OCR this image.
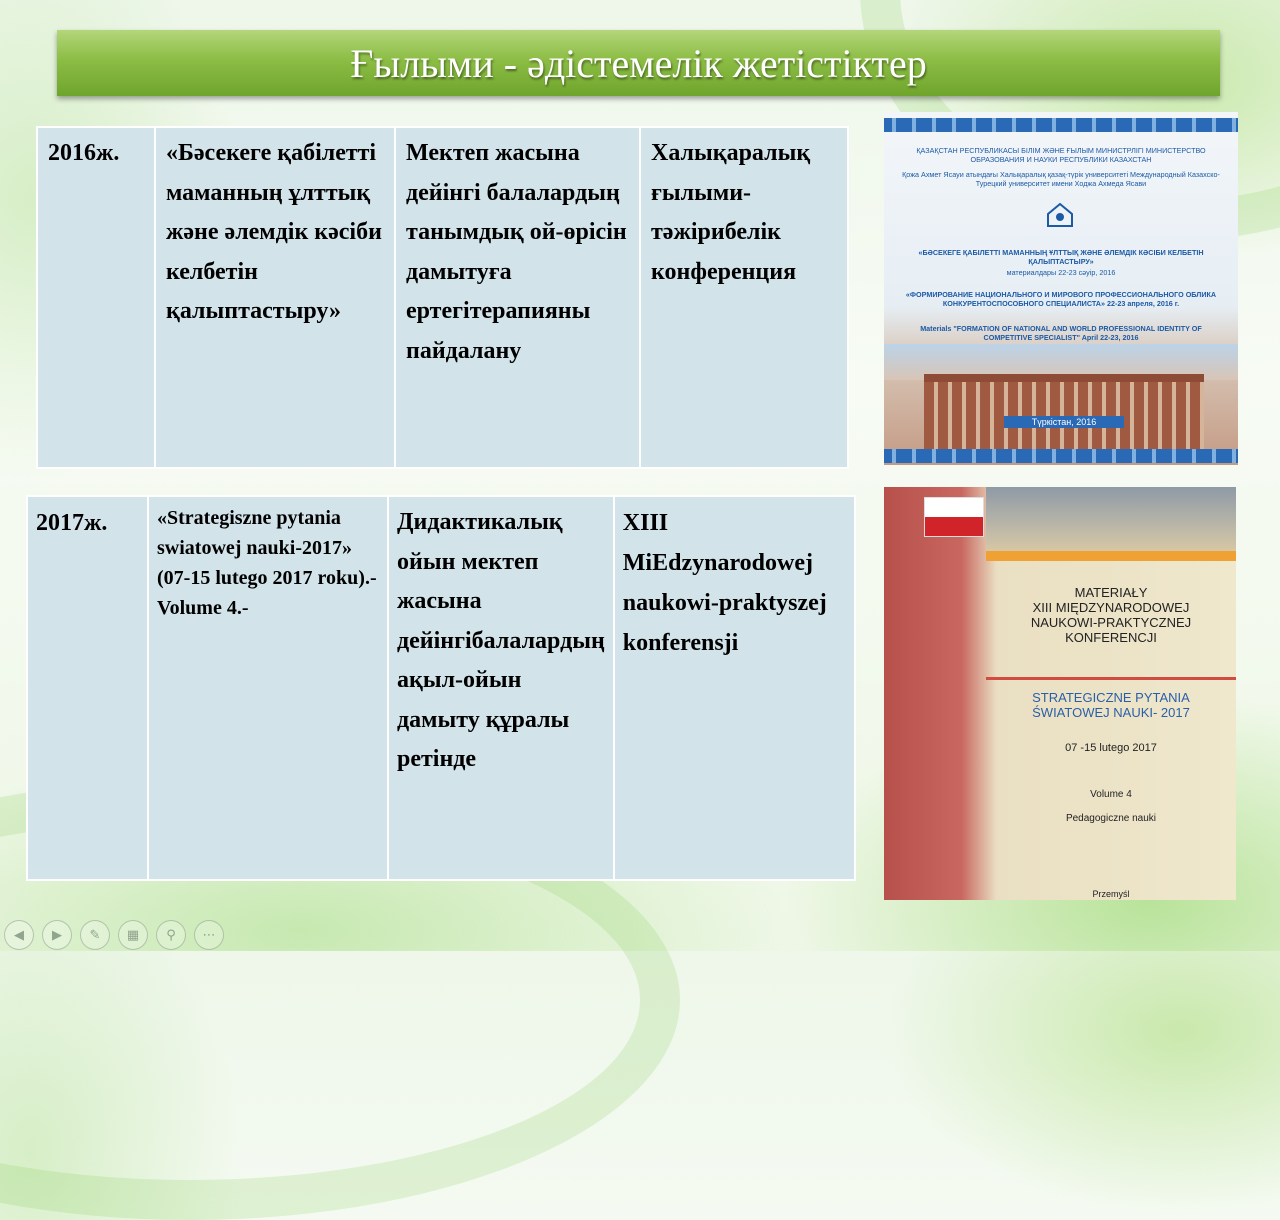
Ғылыми - әдістемелік жетістіктер
2016ж.	«Бәсекеге қабілетті маманның ұлттық және әлемдік кәсіби келбетін қалыптастыру»	Мектеп жасына дейінгі балалардың танымдық ой-өрісін дамытуға ертегітерапияны пайдалану	Халықаралық ғылыми-тәжірибелік конференция
2017ж.	«Strategiszne pytania swiatowej nauki-2017» (07-15 lutego 2017 roku).- Volume 4.-	Дидактикалық ойын мектеп жасына дейінгібалалардың ақыл-ойын дамыту құралы ретінде	XIII MiEdzynarodowej naukowi-praktyszej konferensji
ҚАЗАҚСТАН РЕСПУБЛИКАСЫ БІЛІМ ЖӘНЕ ҒЫЛЫМ МИНИСТРЛІГІ МИНИСТЕРСТВО ОБРАЗОВАНИЯ И НАУКИ РЕСПУБЛИКИ КАЗАХСТАН
Қожа Ахмет Ясауи атындағы Халықаралық қазақ-түрік университеті Международный Казахско-Турецкий университет имени Ходжа Ахмеда Ясави
«БӘСЕКЕГЕ ҚАБІЛЕТТІ МАМАННЫҢ ҰЛТТЫҚ ЖӘНЕ ӘЛЕМДІК КӘСІБИ КЕЛБЕТІН ҚАЛЫПТАСТЫРУ»
материалдары 22-23 сәуір, 2016
«ФОРМИРОВАНИЕ НАЦИОНАЛЬНОГО И МИРОВОГО ПРОФЕССИОНАЛЬНОГО ОБЛИКА КОНКУРЕНТОСПОСОБНОГО СПЕЦИАЛИСТА» 22-23 апреля, 2016 г.
Materials "FORMATION OF NATIONAL AND WORLD PROFESSIONAL IDENTITY OF COMPETITIVE SPECIALIST" April 22-23, 2016
Түркістан, 2016
MATERIAŁY
XIII MIĘDZYNARODOWEJ
NAUKOWI-PRAKTYCZNEJ
KONFERENCJI
STRATEGICZNE PYTANIA
ŚWIATOWEJ NAUKI- 2017
07 -15 lutego 2017
Volume 4
Pedagogiczne nauki
Przemyśl
◀	▶	✎	▦	⚲	⋯
